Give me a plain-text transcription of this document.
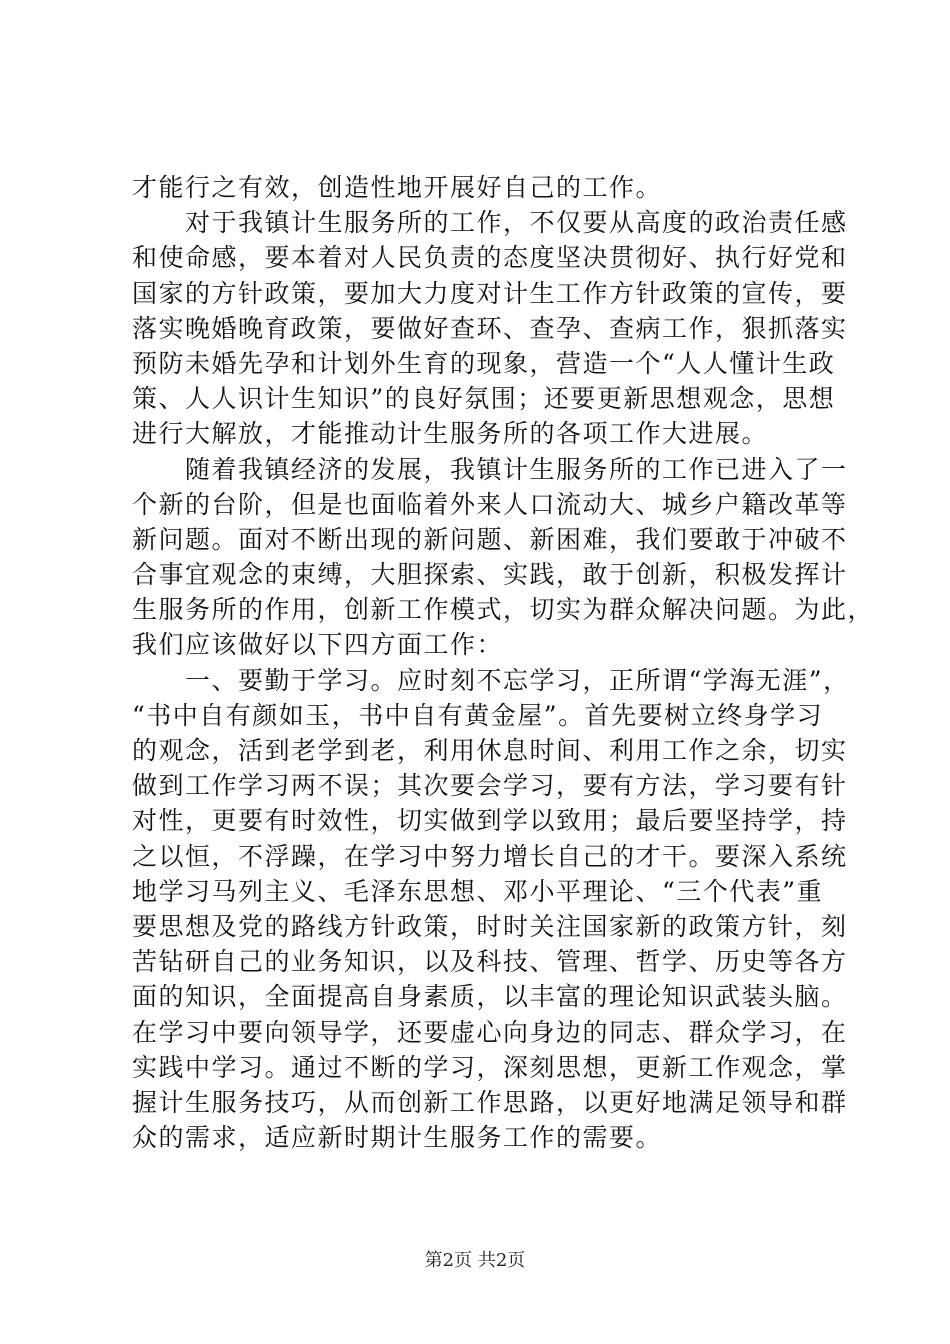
才能行之有效，创造性地开展好自己的工作。
　　对于我镇计生服务所的工作，不仅要从高度的政治责任感
和使命感，要本着对人民负责的态度坚决贯彻好、执行好党和
国家的方针政策，要加大力度对计生工作方针政策的宣传，要
落实晚婚晚育政策，要做好查环、查孕、查病工作，狠抓落实
预防未婚先孕和计划外生育的现象，营造一个“人人懂计生政
策、人人识计生知识”的良好氛围；还要更新思想观念，思想
进行大解放，才能推动计生服务所的各项工作大进展。
　　随着我镇经济的发展，我镇计生服务所的工作已进入了一
个新的台阶，但是也面临着外来人口流动大、城乡户籍改革等
新问题。面对不断出现的新问题、新困难，我们要敢于冲破不
合事宜观念的束缚，大胆探索、实践，敢于创新，积极发挥计
生服务所的作用，创新工作模式，切实为群众解决问题。为此，
我们应该做好以下四方面工作：
　　一、要勤于学习。应时刻不忘学习，正所谓“学海无涯”，
“书中自有颜如玉，书中自有黄金屋”。首先要树立终身学习
的观念，活到老学到老，利用休息时间、利用工作之余，切实
做到工作学习两不误；其次要会学习，要有方法，学习要有针
对性，更要有时效性，切实做到学以致用；最后要坚持学，持
之以恒，不浮躁，在学习中努力增长自己的才干。要深入系统
地学习马列主义、毛泽东思想、邓小平理论、“三个代表”重
要思想及党的路线方针政策，时时关注国家新的政策方针，刻
苦钻研自己的业务知识，以及科技、管理、哲学、历史等各方
面的知识，全面提高自身素质，以丰富的理论知识武装头脑。
在学习中要向领导学，还要虚心向身边的同志、群众学习，在
实践中学习。通过不断的学习，深刻思想，更新工作观念，掌
握计生服务技巧，从而创新工作思路，以更好地满足领导和群
众的需求，适应新时期计生服务工作的需要。
第2页 共2页
